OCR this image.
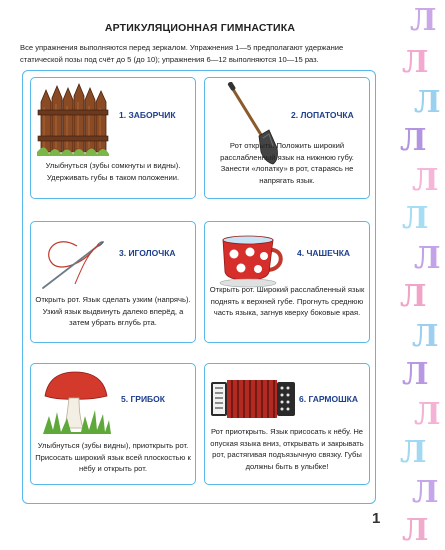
АРТИКУЛЯЦИОННАЯ ГИМНАСТИКА
Все упражнения выполняются перед зеркалом. Упражнения 1—5 предполагают удержание статической позы под счёт до 5 (до 10); упражнения 6—12 выполняются 10—15 раз.
1. ЗАБОРЧИК
Улыбнуться (зубы сомкнуты и видны). Удерживать губы в таком положении.
2. ЛОПАТОЧКА
Рот открыть. Положить широкий расслабленный язык на нижнюю губу. Занести «лопатку» в рот, стараясь не напрягать язык.
3. ИГОЛОЧКА
Открыть рот. Язык сделать узким (напрячь). Узкий язык выдвинуть далеко вперёд, а затем убрать вглубь рта.
4. ЧАШЕЧКА
Открыть рот. Широкий расслабленный язык поднять к верхней губе. Прогнуть среднюю часть языка, загнув кверху боковые края.
5. ГРИБОК
Улыбнуться (зубы видны), приоткрыть рот. Присосать широкий язык всей плоскостью к нёбу и открыть рот.
6. ГАРМОШКА
Рот приоткрыть. Язык присосать к нёбу. Не опуская языка вниз, открывать и закрывать рот, растягивая подъязычную связку. Губы должны быть в улыбке!
1
Л
Л
Л
Л
Л
Л
Л
Л
Л
Л
Л
Л
Л
Л
